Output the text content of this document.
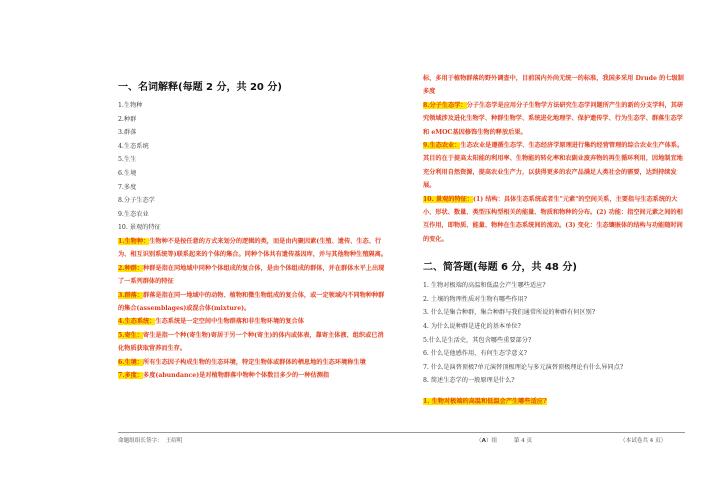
一、名词解释(每题 2 分，共 20 分)
1.生物种
2.种群
3.群落
4.生态系统
5.生生
6.生境
7.多度
8.分子生态学
9.生态农业
10. 景观的特征

1.生物种：生物种不是按任意的方式来划分的逻辑的类，而是由内聚因素(生殖、遗传、生态、行为、相互识别系统等)联系起来的个体的集合。同种个体共有遗传基因库，并与其他物种生殖隔离。

2.种群：种群是指在同地域中同种个体组成的复合体，是由个体组成的群体，并在群体水平上出现了一系列群体的特征

3.群落：群落是指在同一地域中的动物、植物和微生物组成的复合体，或一定领域内不同物种种群的集合(assemblages)或混合体(mixture)。

4.生态系统：生态系统是一定空间中生物群落和非生物环境的复合体

5.寄生：寄生是指一个种(寄生物)寄居于另一个种(寄主)的体内或体表，靠寄主体液、组织或已消化物质获取营养而生存。

6.生境：所有生态因子构成生物的生态环境，特定生物体或群体的栖息地的生态环境称生境

7.多度：多度(abundance)是对植物群落中物种个体数目多少的一种估测指

标，多用于植物群落的野外调查中，目前国内外尚无统一的标准，我国多采用 Drude 的七级制多度

8.分子生态学：分子生态学是应用分子生物学方法研究生态学问题所产生的新的分支学科，其研究领域涉及进化生物学、种群生物学、系统进化地理学、保护遗传学、行为生态学、群落生态学和 eMOC基因修饰生物的释放后果。

9.生态农业：生态农业是遵循生态学、生态经济学原理进行集约经营管理的综合农业生产体系。其目的在于提高太阳能的利用率、生物能的转化率和农副业废弃物的再生循环利用，因地制宜地充分利用自然资源，提高农业生产力，以获得更多的农产品满足人类社会的需要，达到持续发展。

10. 景观的特征：(1) 结构：具体生态系统或者生"元素"的空间关系，主要指与生态系统的大小、形状、数量、类型压构型相关的能量、物质和物种的分布。(2) 功能：指空间元素之间的相互作用，即物质、能量、物种在生态系统间的流动。(3) 变化：生态镶嵌体的结构与功能随时间的变化。

二、简答题(每题 6 分，共 48 分)
1. 生物对极端的高温和低温会产生哪些适应?
2. 土壤的物理性质对生物有哪些作用?
3. 什么是集合种群，集合种群与我们通常所说的种群有何区别?
4. 为什么说种群是进化的基本单位?
5.什么是生活史，其包含哪些重要部分?
6. 什么是他感作用，有何生态学意义?
7. 什么是演替顶极?单元演替顶极理论与多元演替顶极理论有什么异同点?
8. 简述生态学的一般原理是什么?
1. 生物对极端的高温和低温会产生哪些适应?
命题组组长签字：　王绍明	（A）组　　　第 4 页	（本试卷共 4 页）
